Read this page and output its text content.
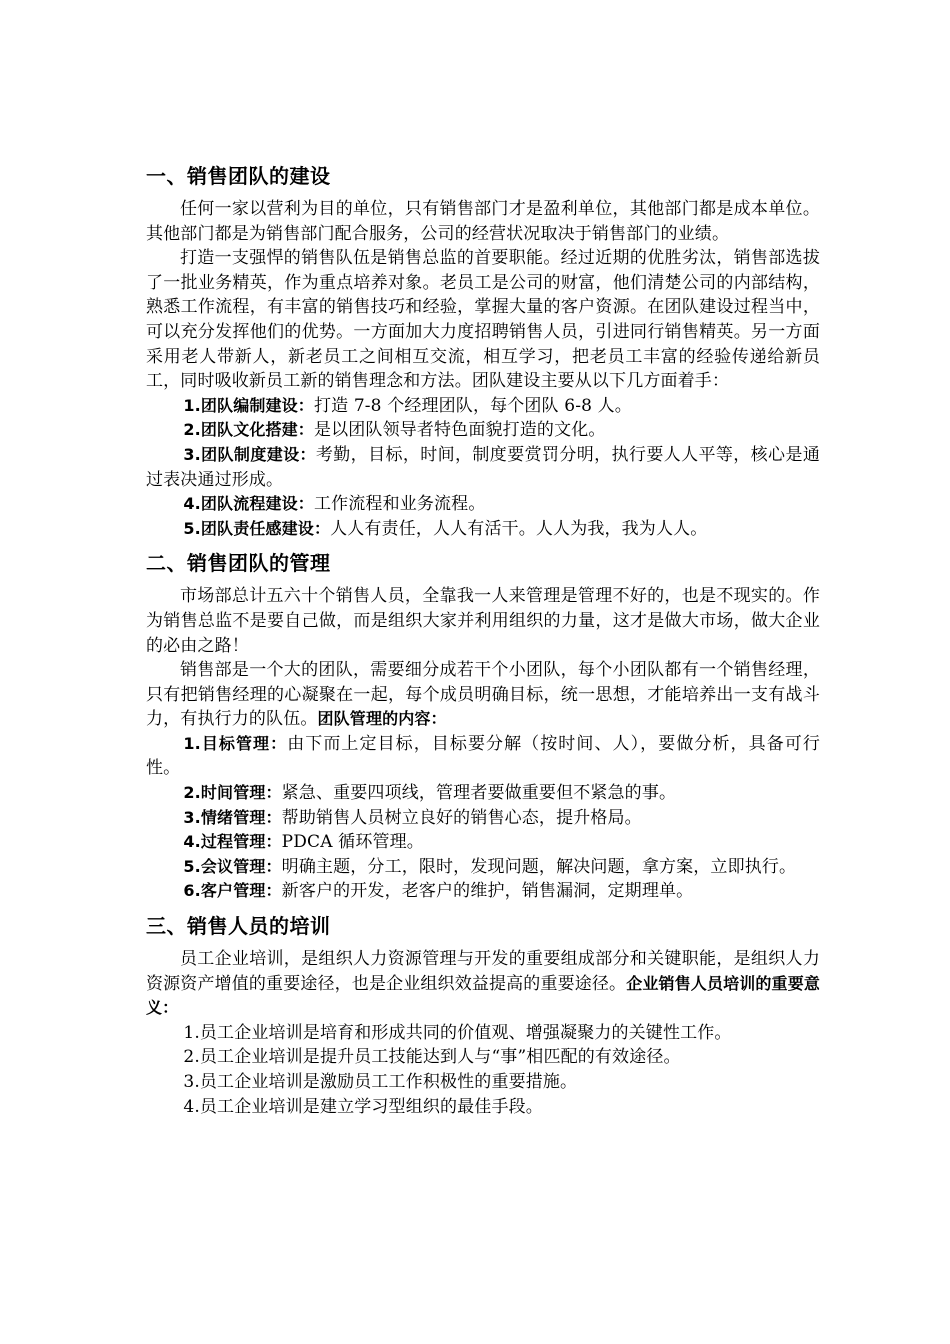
一、销售团队的建设

任何一家以营利为目的单位，只有销售部门才是盈利单位，其他部门都是成本单位。其他部门都是为销售部门配合服务，公司的经营状况取决于销售部门的业绩。

打造一支强悍的销售队伍是销售总监的首要职能。经过近期的优胜劣汰，销售部选拔了一批业务精英，作为重点培养对象。老员工是公司的财富，他们清楚公司的内部结构，熟悉工作流程，有丰富的销售技巧和经验，掌握大量的客户资源。在团队建设过程当中，可以充分发挥他们的优势。一方面加大力度招聘销售人员，引进同行销售精英。另一方面采用老人带新人，新老员工之间相互交流，相互学习，把老员工丰富的经验传递给新员工，同时吸收新员工新的销售理念和方法。团队建设主要从以下几方面着手：

1.团队编制建设：打造 7-8 个经理团队，每个团队 6-8 人。

2.团队文化搭建：是以团队领导者特色面貌打造的文化。

3.团队制度建设：考勤，目标，时间，制度要赏罚分明，执行要人人平等，核心是通过表决通过形成。

4.团队流程建设：工作流程和业务流程。

5.团队责任感建设：人人有责任，人人有活干。人人为我，我为人人。

二、销售团队的管理

市场部总计五六十个销售人员，全靠我一人来管理是管理不好的，也是不现实的。作为销售总监不是要自己做，而是组织大家并利用组织的力量，这才是做大市场，做大企业的必由之路！

销售部是一个大的团队，需要细分成若干个小团队，每个小团队都有一个销售经理，只有把销售经理的心凝聚在一起，每个成员明确目标，统一思想，才能培养出一支有战斗力，有执行力的队伍。团队管理的内容：

1.目标管理：由下而上定目标，目标要分解（按时间、人），要做分析，具备可行性。

2.时间管理：紧急、重要四项线，管理者要做重要但不紧急的事。

3.情绪管理：帮助销售人员树立良好的销售心态，提升格局。

4.过程管理：PDCA 循环管理。

5.会议管理：明确主题，分工，限时，发现问题，解决问题，拿方案，立即执行。

6.客户管理：新客户的开发，老客户的维护，销售漏洞，定期理单。

三、销售人员的培训

员工企业培训，是组织人力资源管理与开发的重要组成部分和关键职能，是组织人力资源资产增值的重要途径，也是企业组织效益提高的重要途径。企业销售人员培训的重要意义：

1.员工企业培训是培育和形成共同的价值观、增强凝聚力的关键性工作。

2.员工企业培训是提升员工技能达到人与“事”相匹配的有效途径。

3.员工企业培训是激励员工工作积极性的重要措施。

4.员工企业培训是建立学习型组织的最佳手段。
